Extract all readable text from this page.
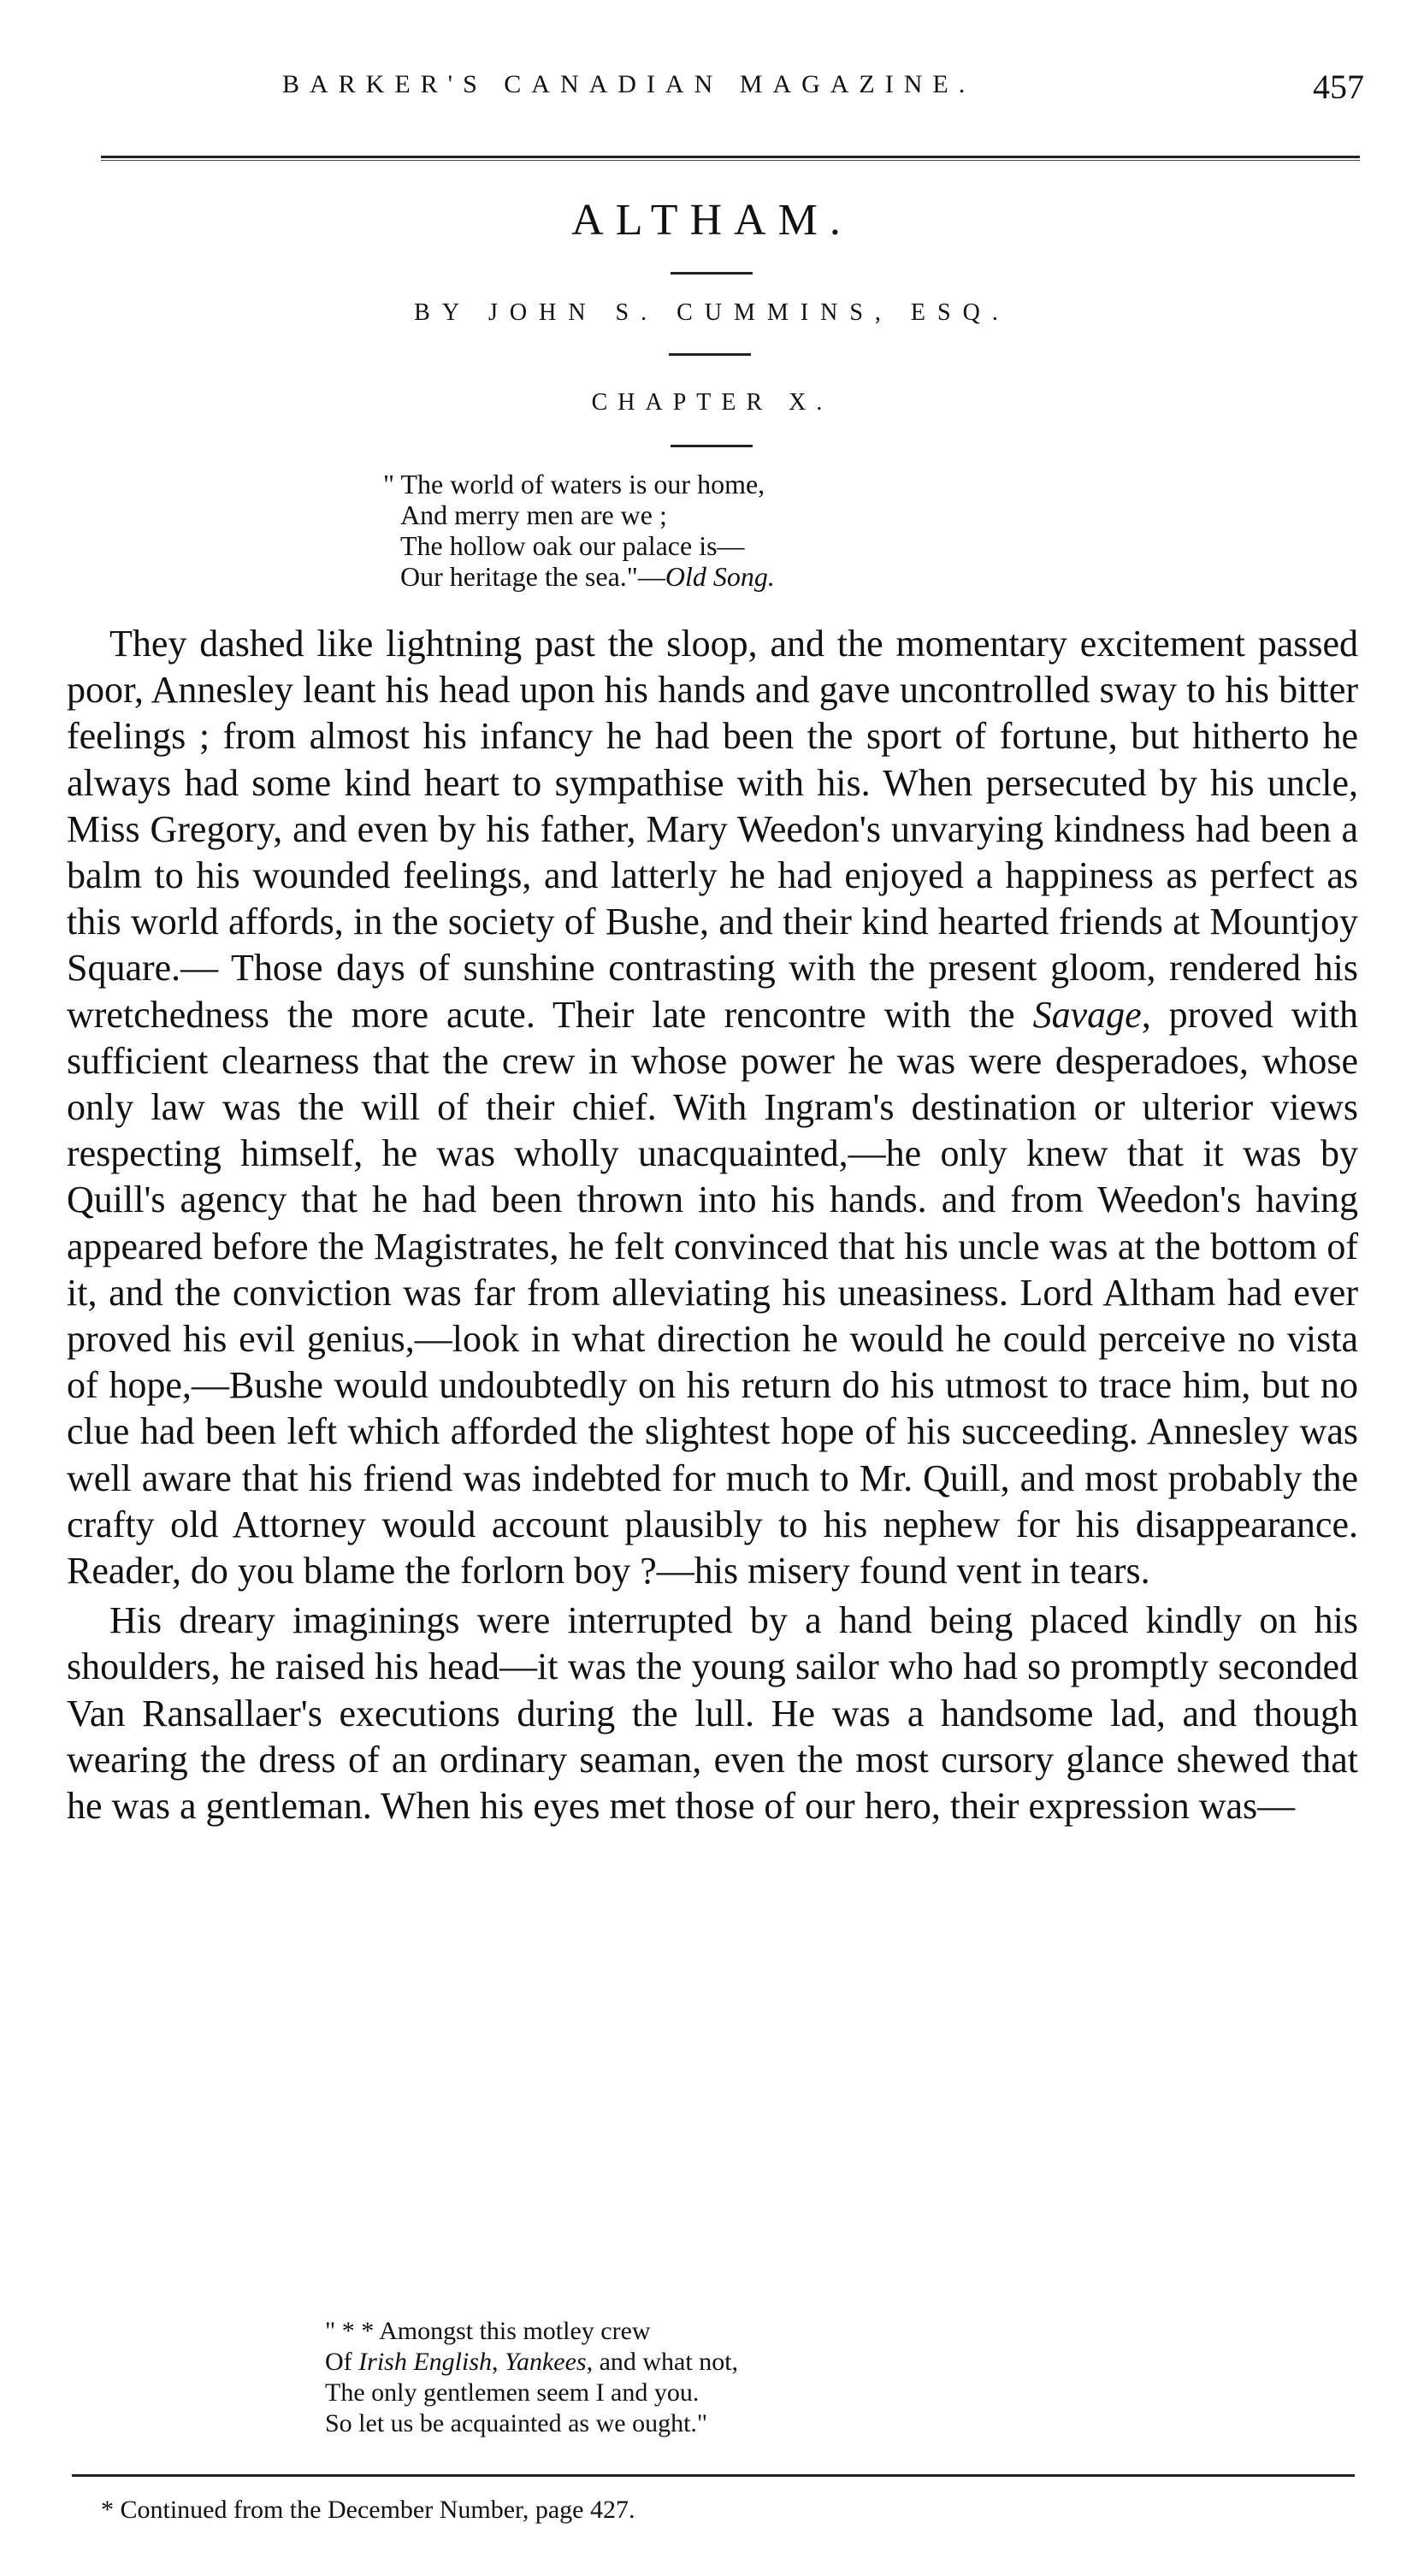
BARKER'S CANADIAN MAGAZINE.	457
ALTHAM.
BY JOHN S. CUMMINS, ESQ.
CHAPTER X.
" The world of waters is our home,
And merry men are we ;
The hollow oak our palace is—
Our heritage the sea."—Old Song.

They dashed like lightning past the sloop, and the momentary excitement passed poor, Annesley leant his head upon his hands and gave uncontrolled sway to his bitter feelings ; from almost his infancy he had been the sport of fortune, but hitherto he always had some kind heart to sympathise with his. When persecuted by his uncle, Miss Gregory, and even by his father, Mary Weedon's unvarying kindness had been a balm to his wounded feelings, and latterly he had enjoyed a happiness as perfect as this world affords, in the society of Bushe, and their kind hearted friends at Mountjoy Square.— Those days of sunshine contrasting with the present gloom, rendered his wretchedness the more acute. Their late rencontre with the Savage, proved with sufficient clearness that the crew in whose power he was were desperadoes, whose only law was the will of their chief. With Ingram's destination or ulterior views respecting himself, he was wholly unacquainted,—he only knew that it was by Quill's agency that he had been thrown into his hands. and from Weedon's having appeared before the Magistrates, he felt convinced that his uncle was at the bottom of it, and the conviction was far from alleviating his uneasiness. Lord Altham had ever proved his evil genius,—look in what direction he would he could perceive no vista of hope,—Bushe would undoubtedly on his return do his utmost to trace him, but no clue had been left which afforded the slightest hope of his succeeding. Annesley was well aware that his friend was indebted for much to Mr. Quill, and most probably the crafty old Attorney would account plausibly to his nephew for his disappearance. Reader, do you blame the forlorn boy ?—his misery found vent in tears.

His dreary imaginings were interrupted by a hand being placed kindly on his shoulders, he raised his head—it was the young sailor who had so promptly seconded Van Ransallaer's executions during the lull. He was a handsome lad, and though wearing the dress of an ordinary seaman, even the most cursory glance shewed that he was a gentleman. When his eyes met those of our hero, their expression was—

" * * Amongst this motley crew
Of Irish English, Yankees, and what not,
The only gentlemen seem I and you.
So let us be acquainted as we ought."
* Continued from the December Number, page 427.
